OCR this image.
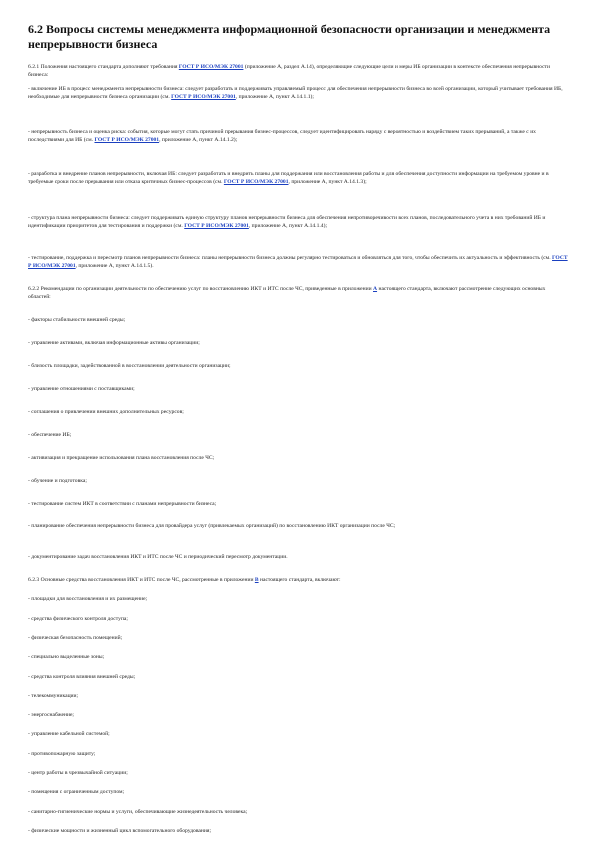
6.2 Вопросы системы менеджмента информационной безопасности организации и менеджмента непрерывности бизнеса

6.2.1 Положения настоящего стандарта дополняют требования ГОСТ Р ИСО/МЭК 27001 (приложение А, раздел А.14), определяющие следующие цели и меры ИБ организации в контексте обеспечения непрерывности бизнеса:

- включение ИБ в процесс менеджмента непрерывности бизнеса: следует разработать и поддерживать управляемый процесс для обеспечения непрерывности бизнеса во всей организации, который учитывает требования ИБ, необходимые для непрерывности бизнеса организации (см. ГОСТ Р ИСО/МЭК 27001, приложение А, пункт А.14.1.1);

- непрерывность бизнеса и оценка риска: события, которые могут стать причиной прерывания бизнес-процессов, следует идентифицировать наряду с вероятностью и воздействием таких прерываний, а также с их последствиями для ИБ (см. ГОСТ Р ИСО/МЭК 27001, приложение А, пункт А.14.1.2);

- разработка и внедрение планов непрерывности, включая ИБ: следует разработать и внедрить планы для поддержания или восстановления работы и для обеспечения доступности информации на требуемом уровне и в требуемые сроки после прерывания или отказа критичных бизнес-процессов (см. ГОСТ Р ИСО/МЭК 27001, приложение А, пункт А.14.1.3);

- структура плана непрерывности бизнеса: следует поддерживать единую структуру планов непрерывности бизнеса для обеспечения непротиворечивости всех планов, последовательного учета в них требований ИБ и идентификации приоритетов для тестирования и поддержки (см. ГОСТ Р ИСО/МЭК 27001, приложение А, пункт А.14.1.4);

- тестирование, поддержка и пересмотр планов непрерывности бизнеса: планы непрерывности бизнеса должны регулярно тестироваться и обновляться для того, чтобы обеспечить их актуальность и эффективность (см. ГОСТ Р ИСО/МЭК 27001, приложение А, пункт А.14.1.5).

6.2.2 Рекомендации по организации деятельности по обеспечению услуг по восстановлению ИКТ и ИТС после ЧС, приведенные в приложении А настоящего стандарта, включают рассмотрение следующих основных областей:

- факторы стабильности внешней среды;

- управление активами, включая информационные активы организации;

- близость площадки, задействованной в восстановлении деятельности организации;

- управление отношениями с поставщиками;

- соглашения о привлечении внешних дополнительных ресурсов;

- обеспечение ИБ;

- активизация и прекращение использования плана восстановления после ЧС;

- обучение и подготовка;

- тестирование систем ИКТ в соответствии с планами непрерывности бизнеса;

- планирование обеспечения непрерывности бизнеса для провайдера услуг (привлекаемых организаций) по восстановлению ИКТ организации после ЧС;

- документирование задач восстановления ИКТ и ИТС после ЧС и периодический пересмотр документации.

6.2.3 Основные средства восстановления ИКТ и ИТС после ЧС, рассмотренные в приложении В настоящего стандарта, включают:

- площадки для восстановления и их размещение;

- средства физического контроля доступа;

- физическая безопасность помещений;

- специально выделенные зоны;

- средства контроля влияния внешней среды;

- телекоммуникации;

- энергоснабжение;

- управление кабельной системой;

- противопожарную защиту;

- центр работы в чрезвычайной ситуации;

- помещения с ограниченным доступом;

- санитарно-гигиенические нормы и услуги, обеспечивающие жизнедеятельность человека;

- физические мощности и жизненный цикл вспомогательного оборудования;
